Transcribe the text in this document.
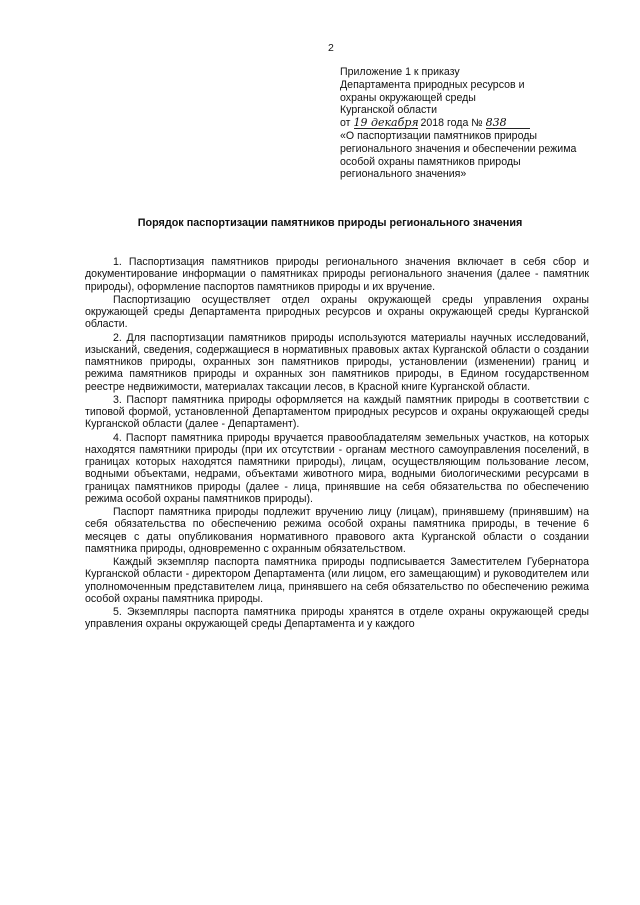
2
Приложение 1 к приказу
Департамента природных ресурсов и
охраны окружающей среды
Курганской области
от 19 декабря 2018 года № 838
«О паспортизации памятников природы регионального значения и обеспечении режима особой охраны памятников природы регионального значения»
Порядок паспортизации памятников природы регионального значения

1. Паспортизация памятников природы регионального значения включает в себя сбор и документирование информации о памятниках природы регионального значения (далее - памятник природы), оформление паспортов памятников природы и их вручение.

Паспортизацию осуществляет отдел охраны окружающей среды управления охраны окружающей среды Департамента природных ресурсов и охраны окружающей среды Курганской области.

2. Для паспортизации памятников природы используются материалы научных исследований, изысканий, сведения, содержащиеся в нормативных правовых актах Курганской области о создании памятников природы, охранных зон памятников природы, установлении (изменении) границ и режима памятников природы и охранных зон памятников природы, в Едином государственном реестре недвижимости, материалах таксации лесов, в Красной книге Курганской области.

3. Паспорт памятника природы оформляется на каждый памятник природы в соответствии с типовой формой, установленной Департаментом природных ресурсов и охраны окружающей среды Курганской области (далее - Департамент).

4. Паспорт памятника природы вручается правообладателям земельных участков, на которых находятся памятники природы (при их отсутствии - органам местного самоуправления поселений, в границах которых находятся памятники природы), лицам, осуществляющим пользование лесом, водными объектами, недрами, объектами животного мира, водными биологическими ресурсами в границах памятников природы (далее - лица, принявшие на себя обязательства по обеспечению режима особой охраны памятников природы).

Паспорт памятника природы подлежит вручению лицу (лицам), принявшему (принявшим) на себя обязательства по обеспечению режима особой охраны памятника природы, в течение 6 месяцев с даты опубликования нормативного правового акта Курганской области о создании памятника природы, одновременно с охранным обязательством.

Каждый экземпляр паспорта памятника природы подписывается Заместителем Губернатора Курганской области - директором Департамента (или лицом, его замещающим) и руководителем или уполномоченным представителем лица, принявшего на себя обязательство по обеспечению режима особой охраны памятника природы.

5. Экземпляры паспорта памятника природы хранятся в отделе охраны окружающей среды управления охраны окружающей среды Департамента и у каждого
